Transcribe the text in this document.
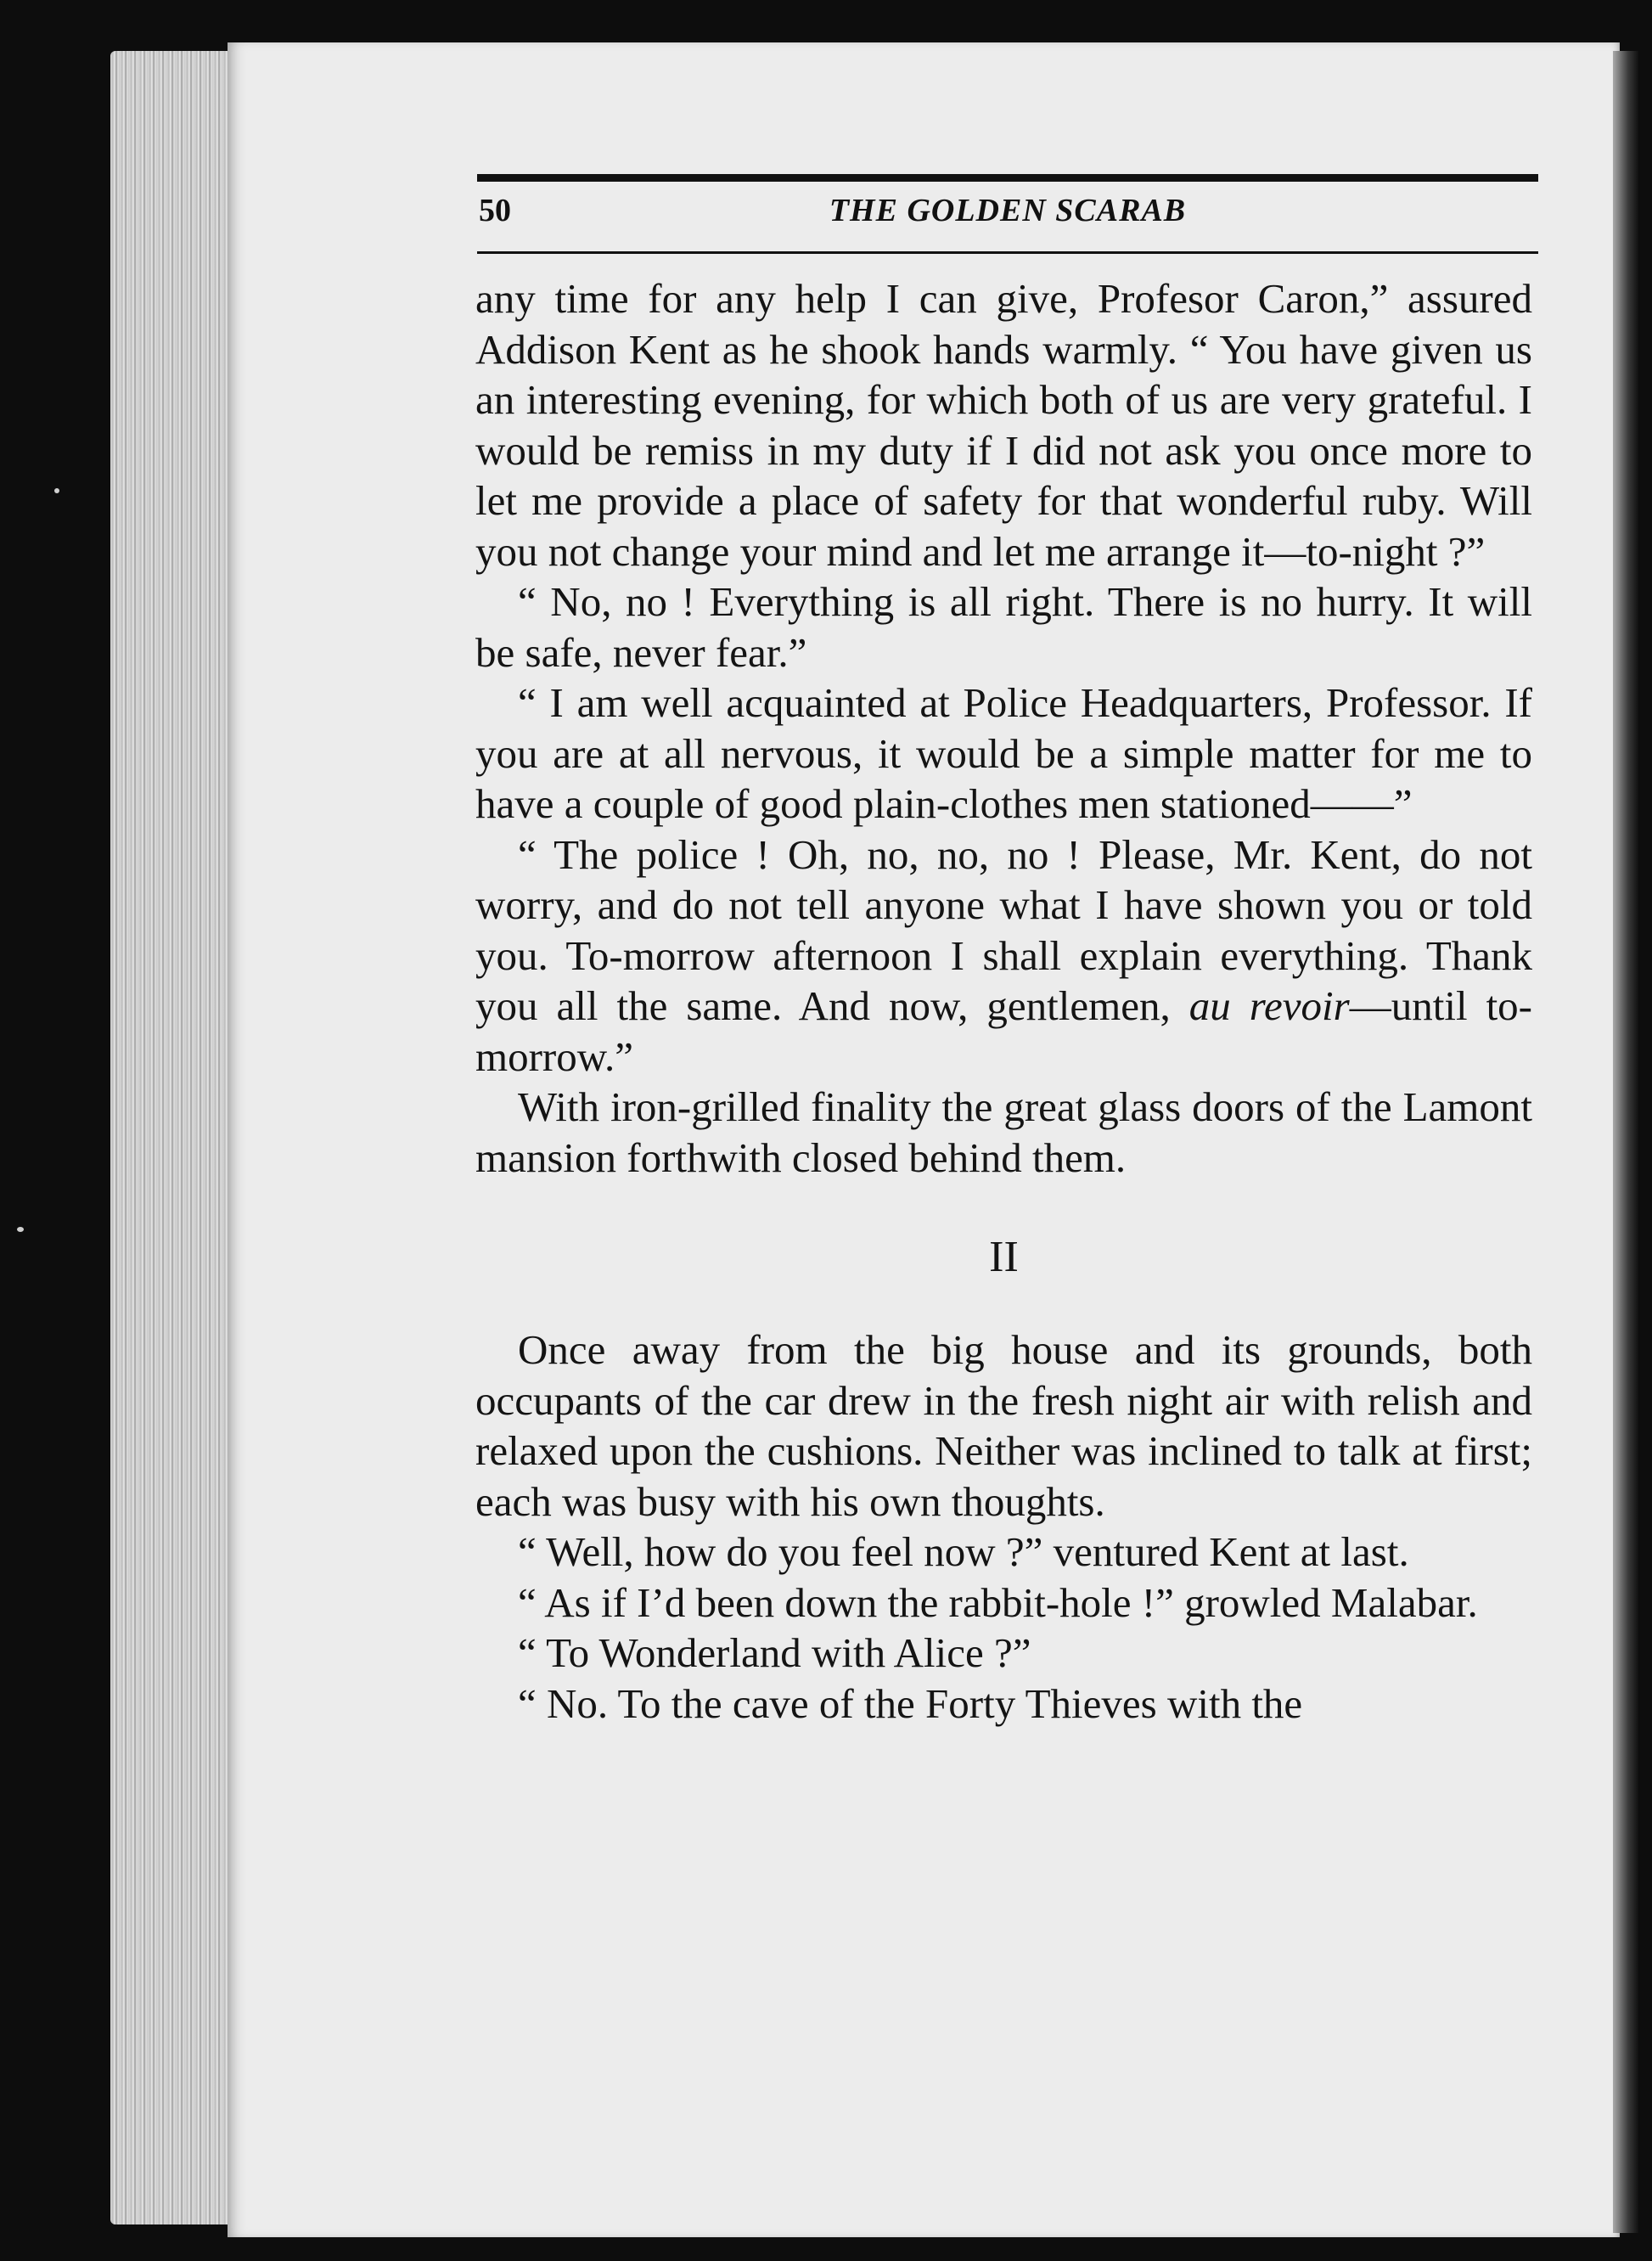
50	THE GOLDEN SCARAB

any time for any help I can give, Profesor Caron,” assured Addison Kent as he shook hands warmly. “ You have given us an interesting evening, for which both of us are very grateful. I would be remiss in my duty if I did not ask you once more to let me provide a place of safety for that wonderful ruby. Will you not change your mind and let me arrange it—to-night ?”

“ No, no ! Everything is all right. There is no hurry. It will be safe, never fear.”

“ I am well acquainted at Police Headquarters, Professor. If you are at all nervous, it would be a simple matter for me to have a couple of good plain-clothes men stationed——”

“ The police ! Oh, no, no, no ! Please, Mr. Kent, do not worry, and do not tell anyone what I have shown you or told you. To-morrow afternoon I shall explain everything. Thank you all the same. And now, gentlemen, au revoir—until to-morrow.”

With iron-grilled finality the great glass doors of the Lamont mansion forthwith closed behind them.

II

Once away from the big house and its grounds, both occupants of the car drew in the fresh night air with relish and relaxed upon the cushions. Neither was inclined to talk at first; each was busy with his own thoughts.

“ Well, how do you feel now ?” ventured Kent at last.

“ As if I’d been down the rabbit-hole !” growled Malabar.

“ To Wonderland with Alice ?”

“ No. To the cave of the Forty Thieves with the
